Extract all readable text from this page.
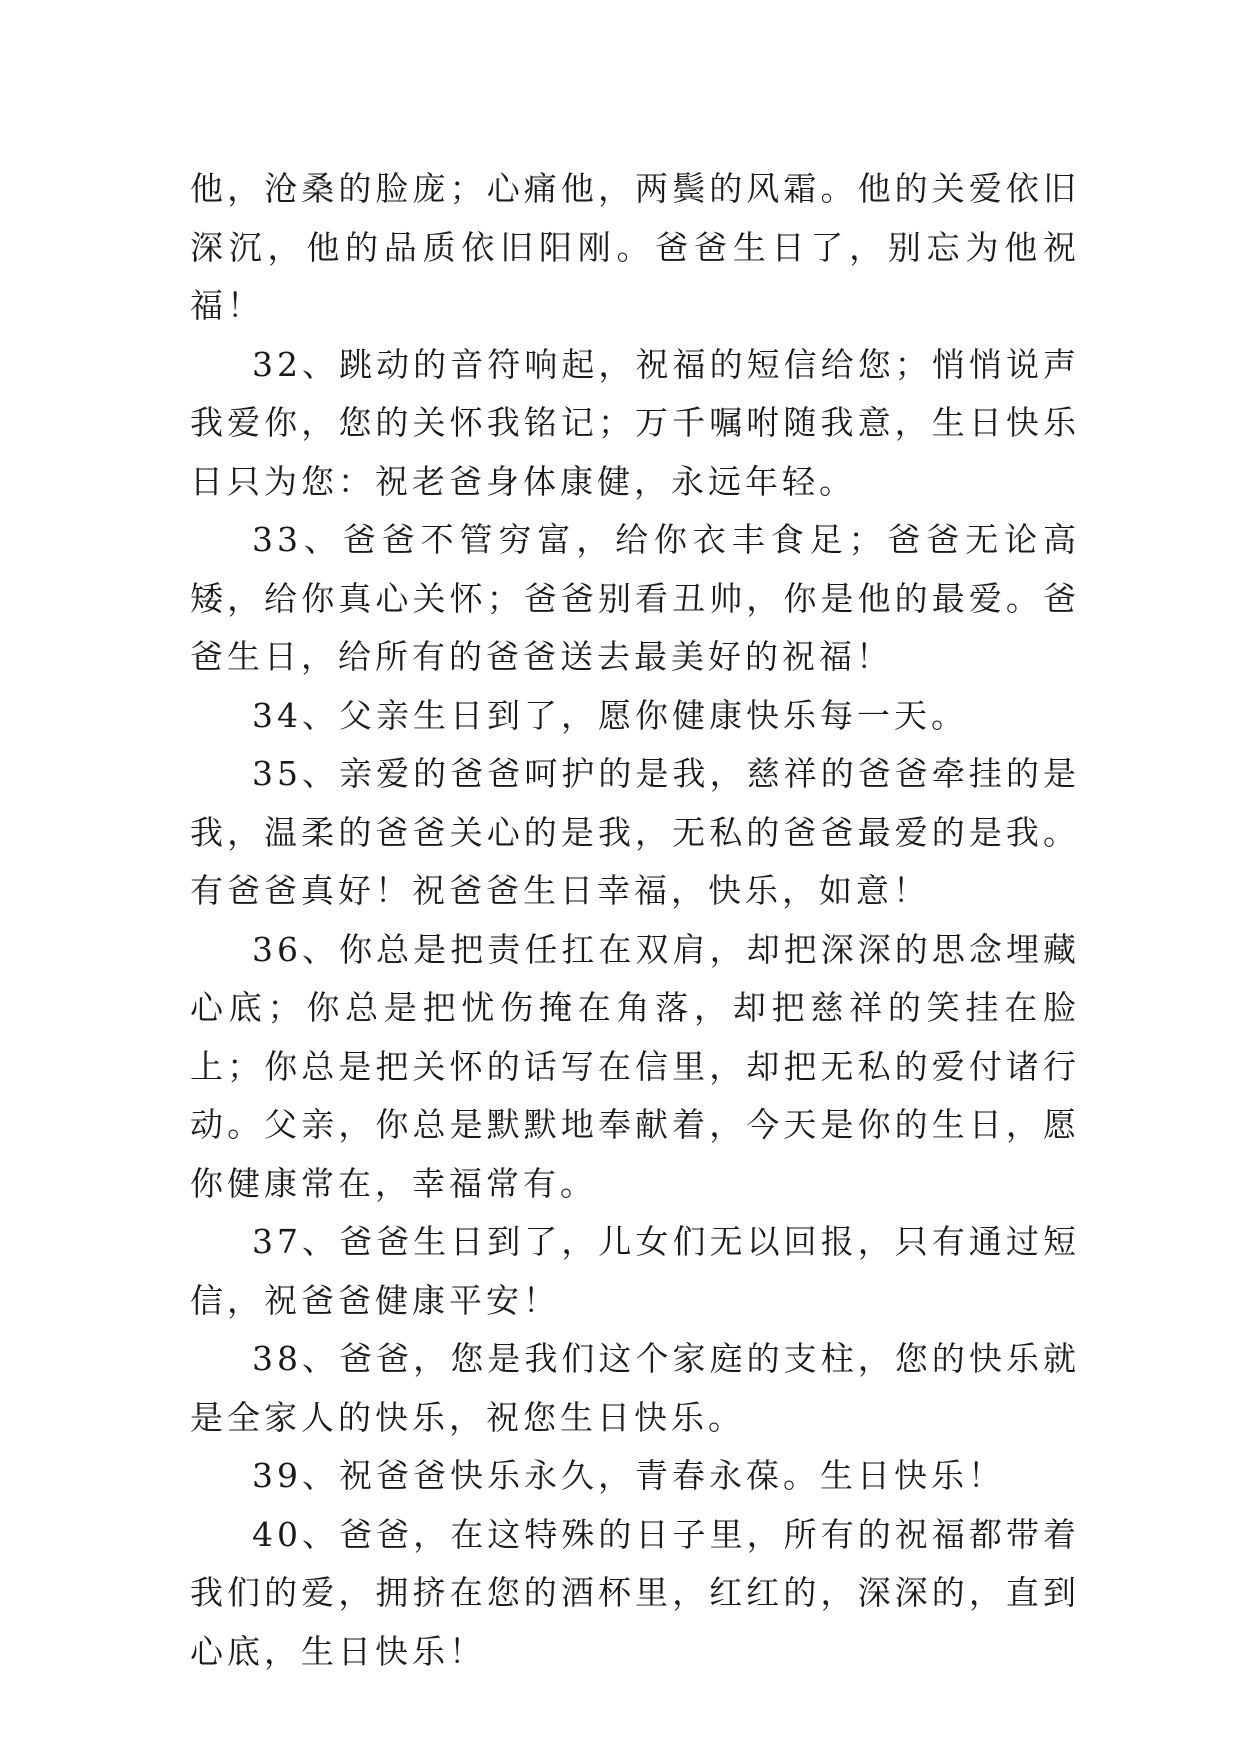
他，沧桑的脸庞；心痛他，两鬓的风霜。他的关爱依旧深沉，他的品质依旧阳刚。爸爸生日了，别忘为他祝福！

32、跳动的音符响起，祝福的短信给您；悄悄说声我爱你，您的关怀我铭记；万千嘱咐随我意，生日快乐日只为您：祝老爸身体康健，永远年轻。

33、爸爸不管穷富，给你衣丰食足；爸爸无论高矮，给你真心关怀；爸爸别看丑帅，你是他的最爱。爸爸生日，给所有的爸爸送去最美好的祝福！

34、父亲生日到了，愿你健康快乐每一天。

35、亲爱的爸爸呵护的是我，慈祥的爸爸牵挂的是我，温柔的爸爸关心的是我，无私的爸爸最爱的是我。有爸爸真好！祝爸爸生日幸福，快乐，如意！

36、你总是把责任扛在双肩，却把深深的思念埋藏心底；你总是把忧伤掩在角落，却把慈祥的笑挂在脸上；你总是把关怀的话写在信里，却把无私的爱付诸行动。父亲，你总是默默地奉献着，今天是你的生日，愿你健康常在，幸福常有。

37、爸爸生日到了，儿女们无以回报，只有通过短信，祝爸爸健康平安！

38、爸爸，您是我们这个家庭的支柱，您的快乐就是全家人的快乐，祝您生日快乐。

39、祝爸爸快乐永久，青春永葆。生日快乐！

40、爸爸，在这特殊的日子里，所有的祝福都带着我们的爱，拥挤在您的酒杯里，红红的，深深的，直到心底，生日快乐！
